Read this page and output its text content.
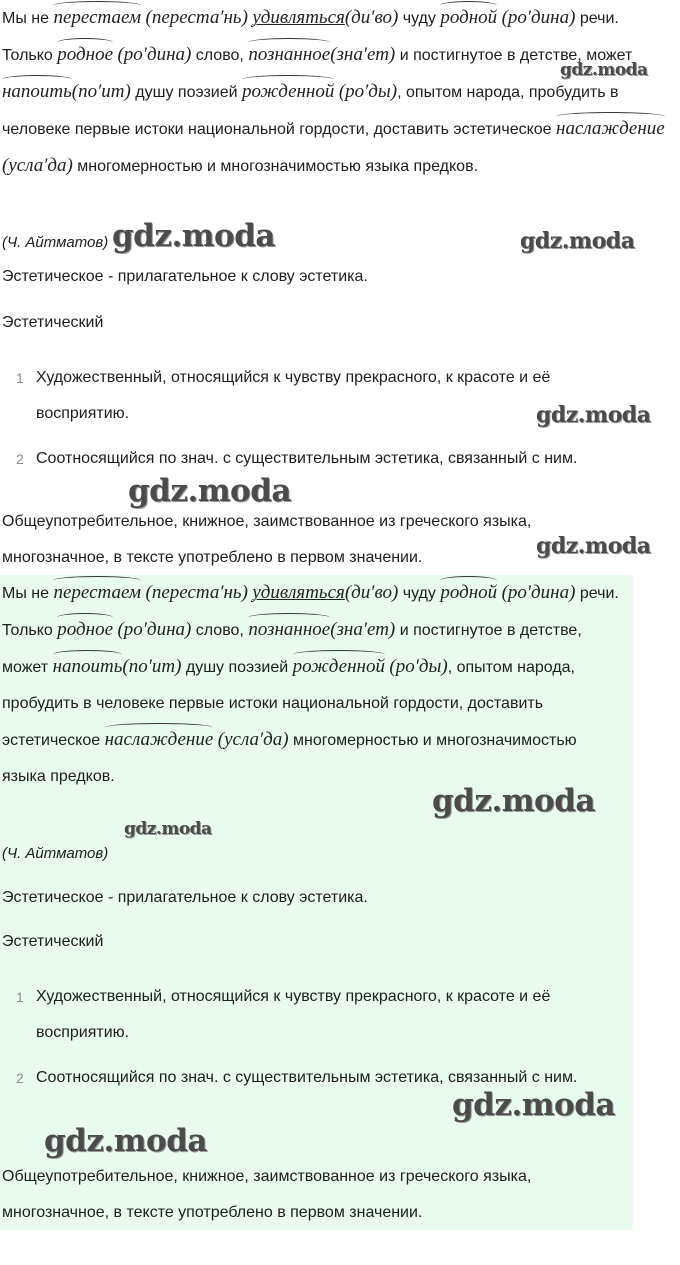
Мы не перестаем (переста′нь) удивляться(ди′во) чуду родной (ро′дина) речи. Только родное (ро′дина) слово, познанное(зна′ет) и постигнутое в детстве, может напоить(по′ит) душу поэзией рожденной (ро′ды), опытом народа, пробудить в человеке первые истоки национальной гордости, доставить эстетическое наслаждение (усла′да) многомерностью и многозначимостью языка предков.

(Ч. Айтматов)
Эстетическое - прилагательное к слову эстетика.
Эстетический
1 Художественный, относящийся к чувству прекрасного, к красоте и её восприятию.

2 Соотносящийся по знач. с существительным эстетика, связанный с ним.

Общеупотребительное, книжное, заимствованное из греческого языка, многозначное, в тексте употреблено в первом значении.

gdz.moda
gdz.moda	gdz.moda
gdz.moda
gdz.moda
gdz.moda

Мы не перестаем (переста′нь) удивляться(ди′во) чуду родной (ро′дина) речи. Только родное (ро′дина) слово, познанное(зна′ет) и постигнутое в детстве, может напоить(по′ит) душу поэзией рожденной (ро′ды), опытом народа, пробудить в человеке первые истоки национальной гордости, доставить эстетическое наслаждение (усла′да) многомерностью и многозначимостью языка предков.

(Ч. Айтматов)
Эстетическое - прилагательное к слову эстетика.
Эстетический
1 Художественный, относящийся к чувству прекрасного, к красоте и её восприятию.

2 Соотносящийся по знач. с существительным эстетика, связанный с ним.

Общеупотребительное, книжное, заимствованное из греческого языка, многозначное, в тексте употреблено в первом значении.

gdz.moda
gdz.moda
gdz.moda
gdz.moda
